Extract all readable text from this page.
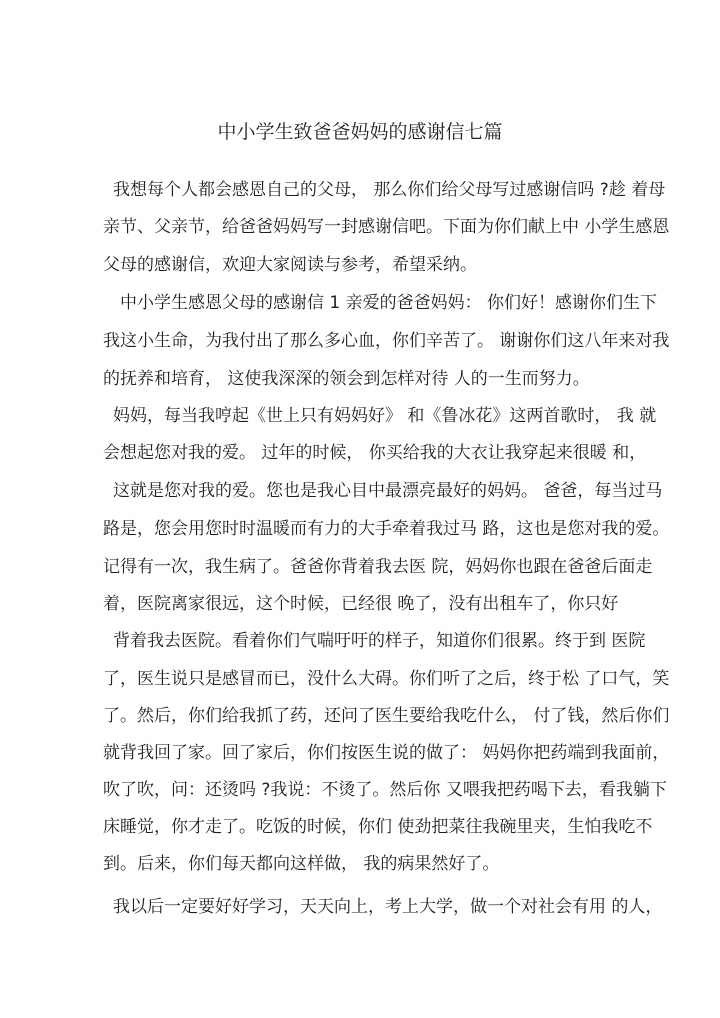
中小学生致爸爸妈妈的感谢信七篇
我想每个人都会感恩自己的父母， 那么你们给父母写过感谢信吗 ?趁 着母
亲节、父亲节，给爸爸妈妈写一封感谢信吧。下面为你们献上中 小学生感恩
父母的感谢信，欢迎大家阅读与参考，希望采纳。
中小学生感恩父母的感谢信 1 亲爱的爸爸妈妈： 你们好！感谢你们生下
我这小生命，为我付出了那么多心血，你们辛苦了。 谢谢你们这八年来对我
的抚养和培育， 这使我深深的领会到怎样对待 人的一生而努力。
妈妈，每当我哼起《世上只有妈妈好》 和《鲁冰花》这两首歌时， 我 就
会想起您对我的爱。 过年的时候， 你买给我的大衣让我穿起来很暖 和，
这就是您对我的爱。您也是我心目中最漂亮最好的妈妈。 爸爸，每当过马
路是，您会用您时时温暖而有力的大手牵着我过马 路，这也是您对我的爱。
记得有一次，我生病了。爸爸你背着我去医 院，妈妈你也跟在爸爸后面走
着，医院离家很远，这个时候，已经很 晚了，没有出租车了，你只好
背着我去医院。看着你们气喘吁吁的样子，知道你们很累。终于到 医院
了，医生说只是感冒而已，没什么大碍。你们听了之后，终于松 了口气，笑
了。然后，你们给我抓了药，还问了医生要给我吃什么， 付了钱，然后你们
就背我回了家。回了家后，你们按医生说的做了： 妈妈你把药端到我面前，
吹了吹，问：还烫吗 ?我说：不烫了。然后你 又喂我把药喝下去，看我躺下
床睡觉，你才走了。吃饭的时候，你们 使劲把菜往我碗里夹，生怕我吃不
到。后来，你们每天都向这样做， 我的病果然好了。
我以后一定要好好学习，天天向上，考上大学，做一个对社会有用 的人，
